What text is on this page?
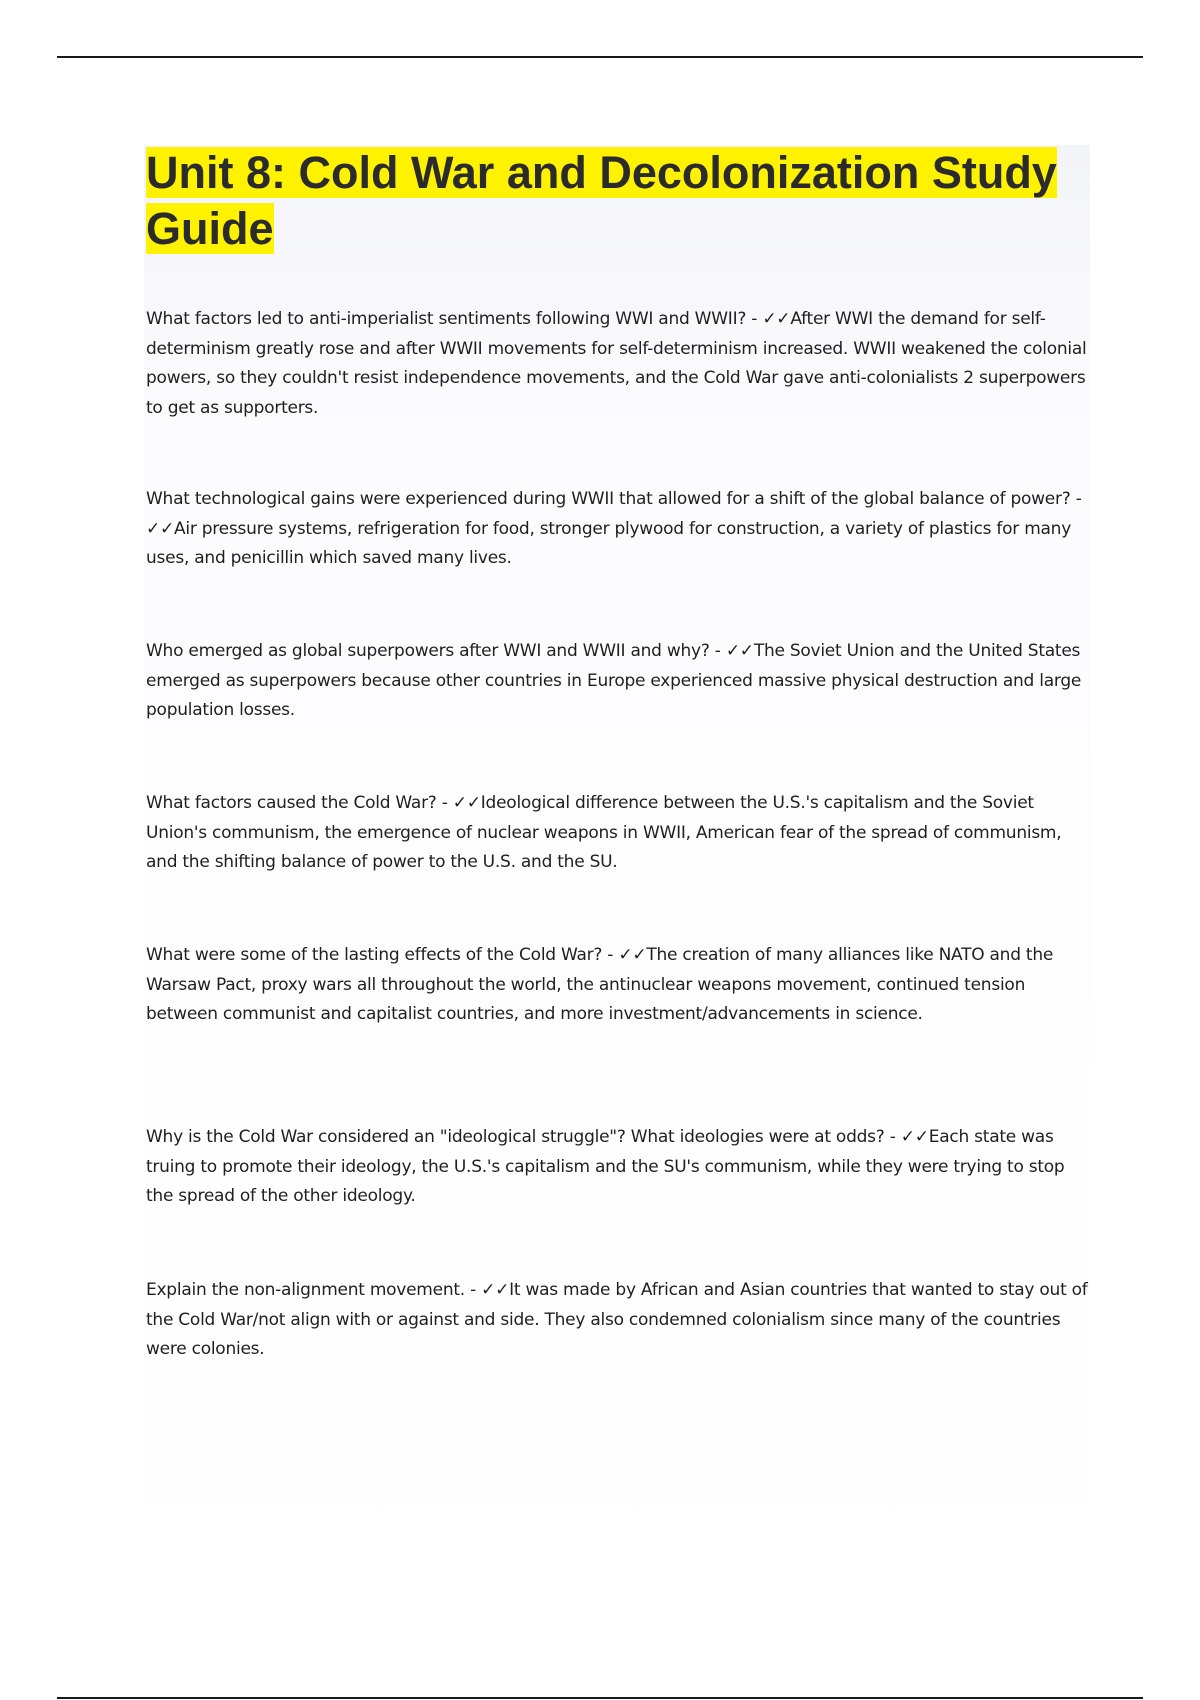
Unit 8: Cold War and Decolonization Study Guide

What factors led to anti-imperialist sentiments following WWI and WWII? - ✓✓After WWI the demand for self-determinism greatly rose and after WWII movements for self-determinism increased. WWII weakened the colonial powers, so they couldn't resist independence movements, and the Cold War gave anti-colonialists 2 superpowers to get as supporters.

What technological gains were experienced during WWII that allowed for a shift of the global balance of power? - ✓✓Air pressure systems, refrigeration for food, stronger plywood for construction, a variety of plastics for many uses, and penicillin which saved many lives.

Who emerged as global superpowers after WWI and WWII and why? - ✓✓The Soviet Union and the United States emerged as superpowers because other countries in Europe experienced massive physical destruction and large population losses.

What factors caused the Cold War? - ✓✓Ideological difference between the U.S.'s capitalism and the Soviet Union's communism, the emergence of nuclear weapons in WWII, American fear of the spread of communism, and the shifting balance of power to the U.S. and the SU.

What were some of the lasting effects of the Cold War? - ✓✓The creation of many alliances like NATO and the Warsaw Pact, proxy wars all throughout the world, the antinuclear weapons movement, continued tension between communist and capitalist countries, and more investment/advancements in science.

Why is the Cold War considered an "ideological struggle"? What ideologies were at odds? - ✓✓Each state was truing to promote their ideology, the U.S.'s capitalism and the SU's communism, while they were trying to stop the spread of the other ideology.

Explain the non-alignment movement. - ✓✓It was made by African and Asian countries that wanted to stay out of the Cold War/not align with or against and side. They also condemned colonialism since many of the countries were colonies.
